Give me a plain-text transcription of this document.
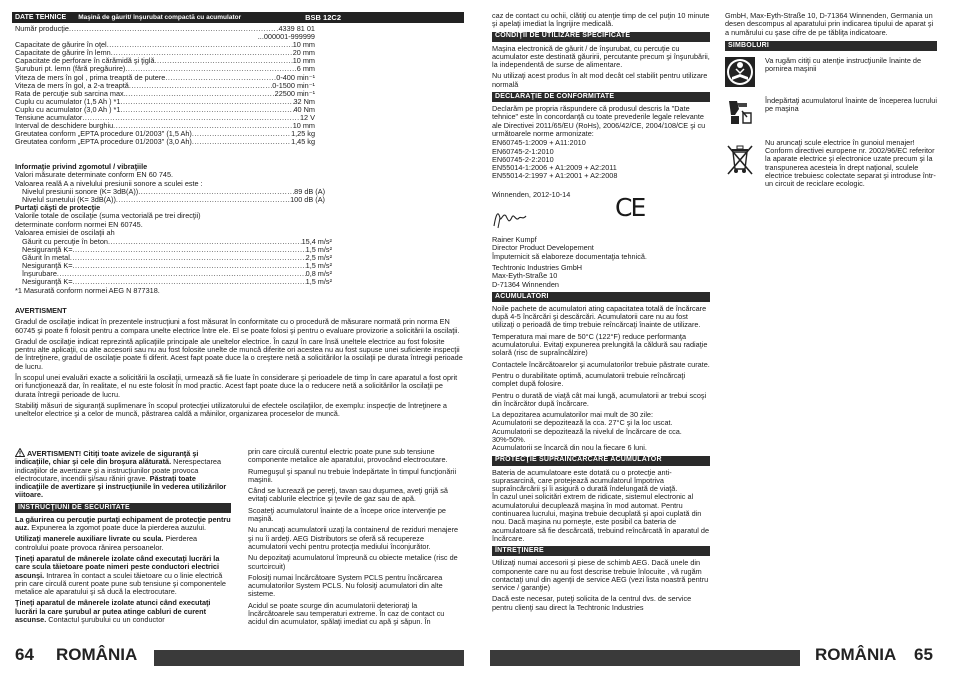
DATE TEHNICE Maşină de găurit/ înşurubat compactă cu acumulator	BSB 12C2
Număr producţie .....	4339 81 01
...000001-999999
Capacitate de găurire în oţel .....	10 mm
Capacitate de găurire în lemn .....	20 mm
Capacitate de perforare în cărămidă şi ţiglă .....	10 mm
Şuruburi pt. lemn (fără pregăurire) .....	6 mm
Viteza de mers în gol , prima treaptă de putere .....	0-400 min⁻¹
Viteza de mers în gol, a 2-a treaptă .....	0-1500 min⁻¹
Rata de percuţie sub sarcina max. .....	22500 min⁻¹
Cuplu cu acumulator (1,5 Ah ) *1 .....	32 Nm
Cuplu cu acumulator (3,0 Ah ) *1 .....	40 Nm
Tensiune acumulator .....	12 V
Interval de deschidere burghiu .....	10 mm
Greutatea conform „EPTA procedure 01/2003" (1,5 Ah) .....	1,25 kg
Greutatea conform „EPTA procedure 01/2003" (3,0 Ah) .....	1,45 kg
Informaţie privind zgomotul / vibraţiile
Valori măsurate determinate conform EN 60 745.
Valoarea reală A a nivelului presiunii sonore a sculei este :
Nivelul presiunii sonore (K= 3dB(A)) .....	89 dB (A)
Nivelul sunetului (K= 3dB(A)) .....	100 dB (A)
Purtaţi căşti de protecţie
Valorile totale de oscilaţie (suma vectorială pe trei direcţii)
determinate conform normei EN 60745.
Valoarea emisiei de oscilaţii ah
Găurit cu percuţie în beton .....	15,4 m/s²
Nesiguranţă K= .....	1,5 m/s²
Găurit în metal .....	2,5 m/s²
Nesiguranţă K= .....	1,5 m/s²
Înşurubare .....	0,8 m/s²
Nesiguranţă K= .....	1,5 m/s²
*1 Masurată conform normei AEG N 877318.

AVERTISMENT

Gradul de oscilaţie indicat în prezentele instrucţiuni a fost măsurat în conformitate cu o procedură de măsurare normată prin norma EN 60745 şi poate fi folosit pentru a compara unelte electrice între ele. El se poate folosi şi pentru o evaluare provizorie a solicitării la oscilaţii.

Gradul de oscilaţie indicat reprezintă aplicaţiile principale ale uneltelor electrice. În cazul în care însă uneltele electrice au fost folosite pentru alte aplicaţii, cu alte accesorii sau nu au fost folosite unelte de muncă diferite ori acestea nu au fost supuse unei suficiente inspecţii de întreţinere, gradul de oscilaţie poate fi diferit. Acest fapt poate duce la o creştere netă a solicitărilor la oscilaţii pe durata întregii perioade de lucru.

În scopul unei evaluări exacte a solicitării la oscilaţii, urmează să fie luate în considerare şi perioadele de timp în care aparatul a fost oprit ori funcţionează dar, în realitate, el nu este folosit în mod practic. Acest fapt poate duce la o reducere netă a solicitărilor la oscilaţii pe durata întregii perioade de lucru.

Stabiliţi măsuri de siguranţă suplimenare în scopul protecţiei utilizatorului de efectele oscilaţiilor, de exemplu: inspecţie de întreţinere a uneltelor electrice şi a celor de muncă, păstrarea caldă a mâinilor, organizarea proceselor de muncă.

AVERTISMENT! Citiţi toate avizele de siguranţă şi indicaţiile, chiar şi cele din broşura alăturată. Nerespectarea indicaţiilor de avertizare şi a instrucţiunilor poate provoca electrocutare, incendii şi/sau răniri grave. Păstraţi toate indicaţiile de avertizare şi instrucţiunile în vederea utilizărilor viitoare.

INSTRUCŢIUNI DE SECURITATE

La găurirea cu percuţie purtaţi echipament de protecţie pentru auz. Expunerea la zgomot poate duce la pierderea auzului.

Utilizaţi manerele auxiliare livrate cu scula. Pierderea controlului poate provoca rănirea persoanelor.

Ţineţi aparatul de mânerele izolate când executaţi lucrări la care scula tăietoare poate nimeri peste conductori electrici ascunşi. Intrarea în contact a sculei tăietoare cu o linie electrică prin care circulă curent poate pune sub tensiune şi componentele metalice ale aparatului şi să ducă la electrocutare.

Ţineţi aparatul de mânerele izolate atunci când executaţi lucrări la care şurubul ar putea atinge cabluri de curent ascunse. Contactul şurubului cu un conductor

prin care circulă curentul electric poate pune sub tensiune componente metalice ale aparatului, provocând electrocutare.

Rumeguşul şi spanul nu trebuie îndepărtate în timpul funcţionării maşinii.

Când se lucrează pe pereţi, tavan sau duşumea, aveţi grijă să evitaţi cablurile electrice şi ţevile de gaz sau de apă.

Scoateţi acumulatorul înainte de a începe orice intervenţie pe maşină.

Nu aruncaţi acumulatorii uzaţi la containerul de reziduri menajere şi nu îi ardeţi. AEG Distributors se oferă să recupereze acumulatorii vechi pentru protecţia mediului înconjurător.

Nu depozitaţi acumulatorul împreună cu obiecte metalice (risc de scurtcircuit)

Folosiţi numai încărcătoare System PCLS pentru încărcarea acumulatorilor System PCLS. Nu folosiţi acumulatori din alte sisteme.

Acidul se poate scurge din acumulatorii deterioraţi la încărcătoarele sau temperaturi extreme. În caz de contact cu acidul din acumulator, spălaţi imediat cu apă şi săpun. În

64 ROMÂNIA

caz de contact cu ochii, clătiţi cu atenţie timp de cel puţin 10 minute şi apelaţi imediat la îngrijire medicală.

CONDIŢII DE UTILIZARE SPECIFICATE

Maşina electronică de găurit / de înşurubat, cu percuţie cu acumulator este destinată găuririi, percutante precum şi înşurubării, la independentă de surse de alimentare.

Nu utilizaţi acest produs în alt mod decât cel stabilit pentru utilizare normală

DECLARAŢIE DE CONFORMITATE

Declarăm pe propria răspundere că produsul descris la "Date tehnice" este în concordanţă cu toate prevederile legale relevante ale Directivei 2011/65/EU (RoHs), 2006/42/CE, 2004/108/CE şi cu următoarele norme armonizate:

EN60745-1:2009 + A11:2010
EN60745-2-1:2010
EN60745-2-2:2010
EN55014-1:2006 + A1:2009 + A2:2011
EN55014-2:1997 + A1:2001 + A2:2008

Winnenden, 2012-10-14	CE
Rainer Kumpf
Director Product Developement

Împuternicit să elaboreze documentaţia tehnică.

Techtronic Industries GmbH
Max-Eyth-Straße 10

D-71364 Winnenden

ACUMULATORI

Noile pachete de acumulatori ating capacitatea totală de încărcare după 4-5 încărcări şi descărcări. Acumulatorii care nu au fost utilizaţi o perioadă de timp trebuie reîncărcaţi înainte de utilizare.

Temperatura mai mare de 50°C (122°F) reduce performanţa acumulatorului. Evitaţi expunerea prelungită la căldură sau radiaţie solară (risc de supraîncălzire)

Contactele încărcătoarelor şi acumulatorilor trebuie păstrate curate.

Pentru o durabilitate optimă, acumulatorii trebuie reîncărcaţi complet după folosire.

Pentru o durată de viaţă cât mai lungă, acumulatorii ar trebui scoşi din încărcător după încărcare.

La depozitarea acumulatorilor mai mult de 30 zile:
Acumulatorii se depozitează la cca. 27°C şi la loc uscat.
Acumulatorii se depozitează la nivelul de încărcare de cca. 30%-50%.

Acumulatorii se încarcă din nou la fiecare 6 luni.

PROTECŢIE SUPRAÎNCĂRCARE ACUMULATOR
Bateria de acumulatoare este dotată cu o protecţie anti-suprasarcină, care protejează acumulatorul împotriva supraîncărcării şi îi asigură o durată îndelungată de viaţă.

În cazul unei solicitări extrem de ridicate, sistemul electronic al acumulatorului decuplează maşina în mod automat. Pentru continuarea lucrului, maşina trebuie decuplată şi apoi cuplată din nou. Dacă maşina nu porneşte, este posibil ca bateria de acumulatoare să fie descărcată, trebuind reîncărcată în aparatul de încărcare.

ÎNTREŢINERE

Utilizaţi numai accesorii şi piese de schimb AEG. Dacă unele din componente care nu au fost descrise trebuie înlocuite , vă rugăm contactaţi unul din agenţii de service AEG (vezi lista noastră pentru service / garanţie)

Dacă este necesar, puteţi solicita de la centrul dvs. de service pentru clienţi sau direct la Techtronic Industries

GmbH, Max-Eyth-Straße 10, D-71364 Winnenden, Germania un desen descompus al aparatului prin indicarea tipului de aparat şi a numărului cu şase cifre de pe tăbliţa indicatoare.

SIMBOLURI
Va rugăm citiţi cu atenţie instrucţiunile înainte de pornirea maşinii
Îndepărtaţi acumulatorul înainte de începerea lucrului pe maşina
Nu aruncaţi scule electrice în gunoiul menajer! Conform directivei europene nr. 2002/96/EC referitor la aparate electrice şi electronice uzate precum şi la transpunerea acesteia în drept naţional, sculele electrice trebuiesc colectate separat şi introduse într-un circuit de reciclare ecologic.
ROMÂNIA 65
